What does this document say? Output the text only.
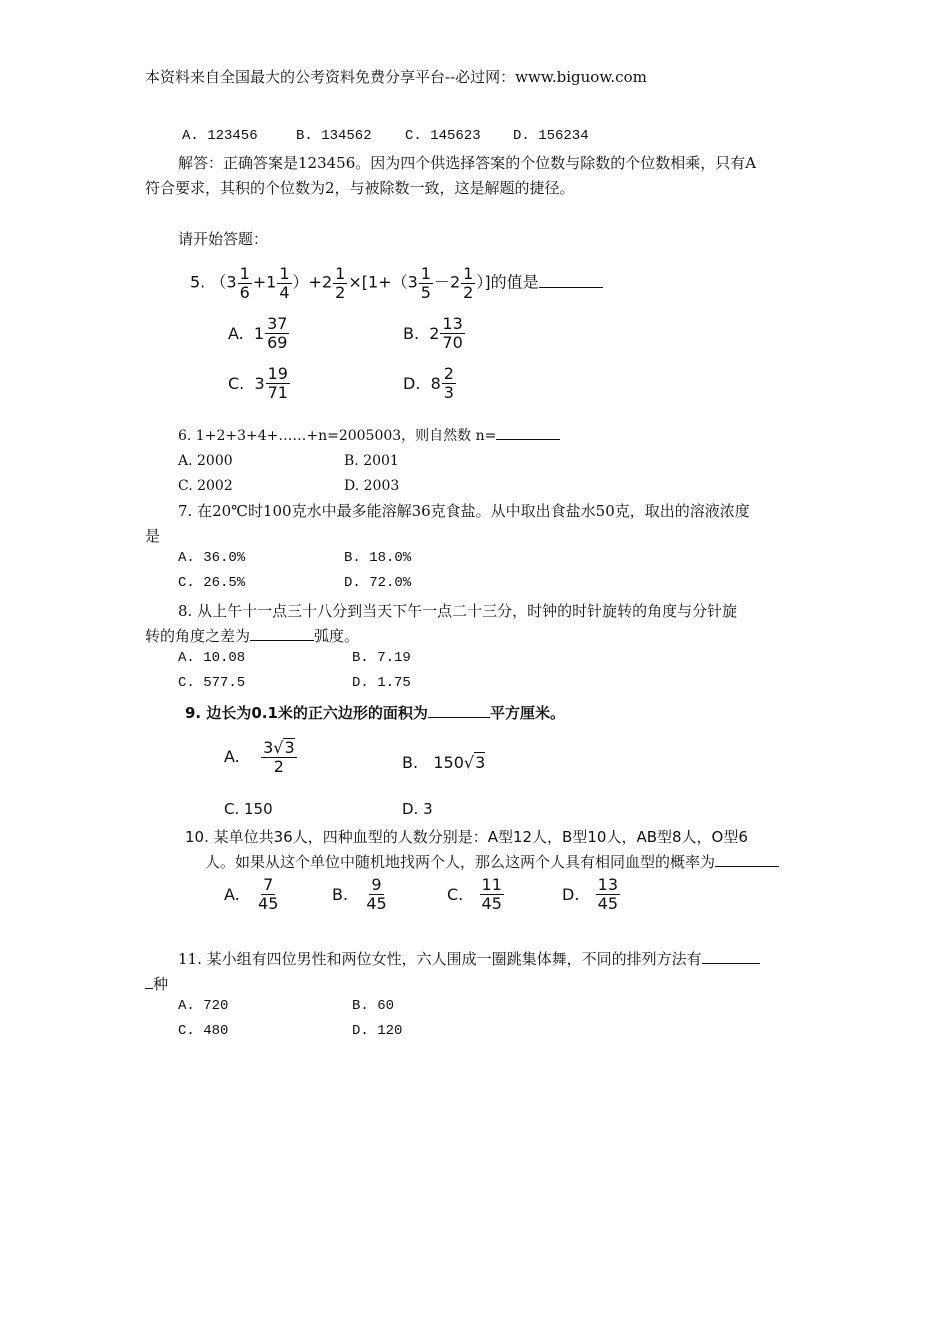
本资料来自全国最大的公考资料免费分享平台--必过网：www.biguow.com
A. 123456	B. 134562 C. 145623 D. 156234
解答：正确答案是123456。因为四个供选择答案的个位数与除数的个位数相乘，只有A
符合要求，其积的个位数为2，与被除数一致，这是解题的捷径。
请开始答题：
5. $(3 \frac{1}{6} +1 \frac{1}{4} )+2 \frac{1}{2} \times[1+(3 \frac{1}{5} -2 \frac{1}{2}$ ）]的值是
A.
$1 \frac{37}{69}$	B.
$2 \frac{13}{70}$
C.
$3 \frac{19}{71}$	D.
$8 \frac{2}{3}$
6. 1+2+3+4+……+n=2005003，则自然数 n=
A. 2000	B. 2001
C. 2002	D. 2003
7. 在20℃时100克水中最多能溶解36克食盐。从中取出食盐水50克，取出的溶液浓度
是
A. 36.0%	B. 18.0%
C. 26.5%	D. 72.0%
8. 从上午十一点三十八分到当天下午一点二十三分，时钟的时针旋转的角度与分针旋
转的角度之差为	弧度。
A. 10.08	B. 7.19
C. 577.5	D. 1.75
9. 边长为0.1米的正六边形的面积为	平方厘米。
A.
$\frac{3√3}{2}$	B. 150√3
C. 150	D. 3
10. 某单位共36人，四种血型的人数分别是：A型12人，B型10人，AB型8人，O型6
人。如果从这个单位中随机地找两个人，那么这两个人具有相同血型的概率为
A.
$\frac{7}{45}$	B.
$\frac{9}{45}$	C.
$\frac{11}{45}$	D.
$\frac{13}{45}$
11. 某小组有四位男性和两位女性，六人围成一圈跳集体舞，不同的排列方法有
种
A. 720	B. 60
C. 480	D. 120
